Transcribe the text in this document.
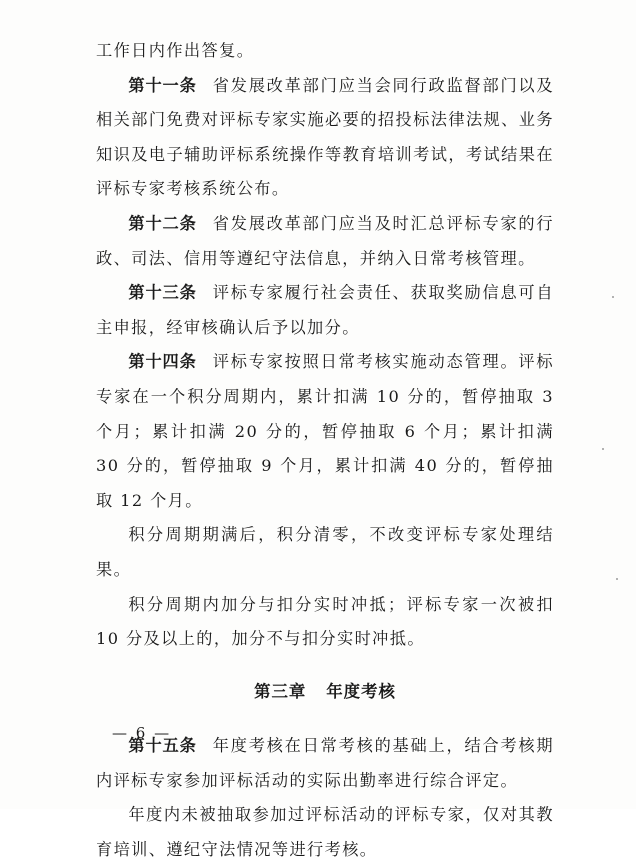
工作日内作出答复。

第十一条 省发展改革部门应当会同行政监督部门以及相关部门免费对评标专家实施必要的招投标法律法规、业务知识及电子辅助评标系统操作等教育培训考试，考试结果在评标专家考核系统公布。

第十二条 省发展改革部门应当及时汇总评标专家的行政、司法、信用等遵纪守法信息，并纳入日常考核管理。

第十三条 评标专家履行社会责任、获取奖励信息可自主申报，经审核确认后予以加分。

第十四条 评标专家按照日常考核实施动态管理。评标专家在一个积分周期内，累计扣满 10 分的，暂停抽取 3 个月；累计扣满 20 分的，暂停抽取 6 个月；累计扣满 30 分的，暂停抽取 9 个月，累计扣满 40 分的，暂停抽取 12 个月。

积分周期期满后，积分清零，不改变评标专家处理结果。

积分周期内加分与扣分实时冲抵；评标专家一次被扣 10 分及以上的，加分不与扣分实时冲抵。

第三章 年度考核

第十五条 年度考核在日常考核的基础上，结合考核期内评标专家参加评标活动的实际出勤率进行综合评定。

年度内未被抽取参加过评标活动的评标专家，仅对其教育培训、遵纪守法情况等进行考核。

— 6 —
